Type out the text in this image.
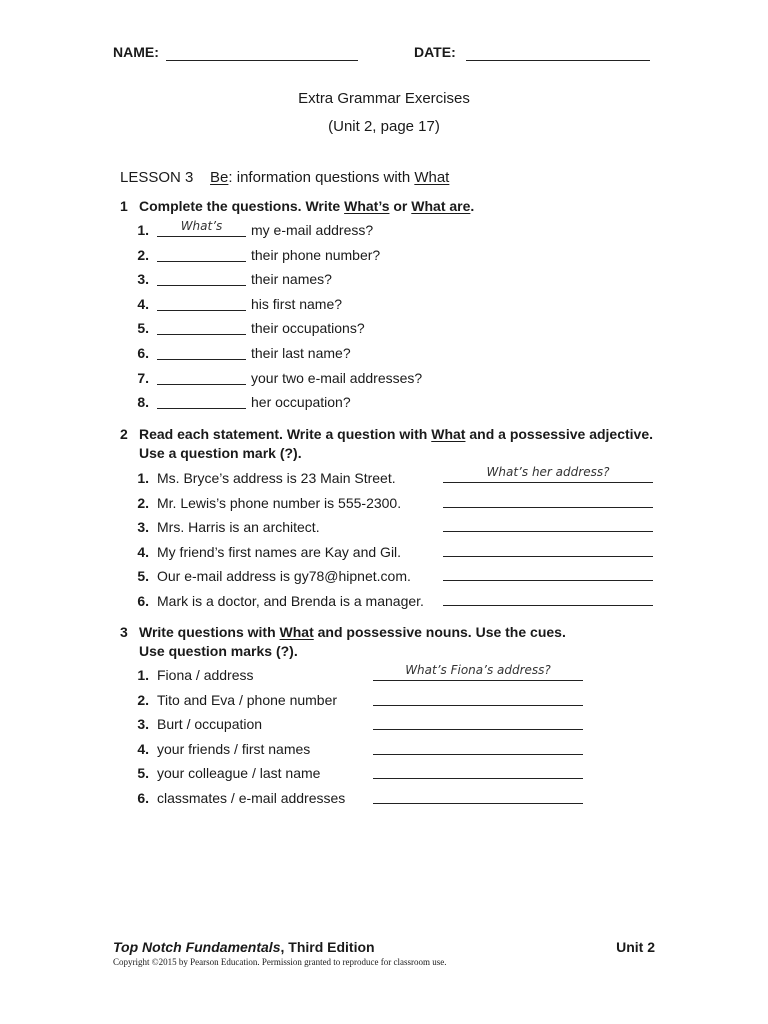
NAME:	DATE:
Extra Grammar Exercises
(Unit 2, page 17)
LESSON 3 Be: information questions with What
1 Complete the questions. Write What’s or What are.
1.	What’s	my e-mail address?
2.	their phone number?
3.	their names?
4.	his first name?
5.	their occupations?
6.	their last name?
7.	your two e-mail addresses?
8.	her occupation?
2 Read each statement. Write a question with What and a possessive adjective.
Use a question mark (?).
1. Ms. Bryce’s address is 23 Main Street.	What’s her address?
2. Mr. Lewis’s phone number is 555-2300.
3. Mrs. Harris is an architect.
4. My friend’s first names are Kay and Gil.
5. Our e-mail address is gy78@hipnet.com.
6. Mark is a doctor, and Brenda is a manager.
3 Write questions with What and possessive nouns. Use the cues.
Use question marks (?).
1. Fiona / address	What’s Fiona’s address?
2. Tito and Eva / phone number
3. Burt / occupation
4. your friends / first names
5. your colleague / last name
6. classmates / e-mail addresses
Top Notch Fundamentals, Third Edition	Unit 2
Copyright ©2015 by Pearson Education. Permission granted to reproduce for classroom use.
